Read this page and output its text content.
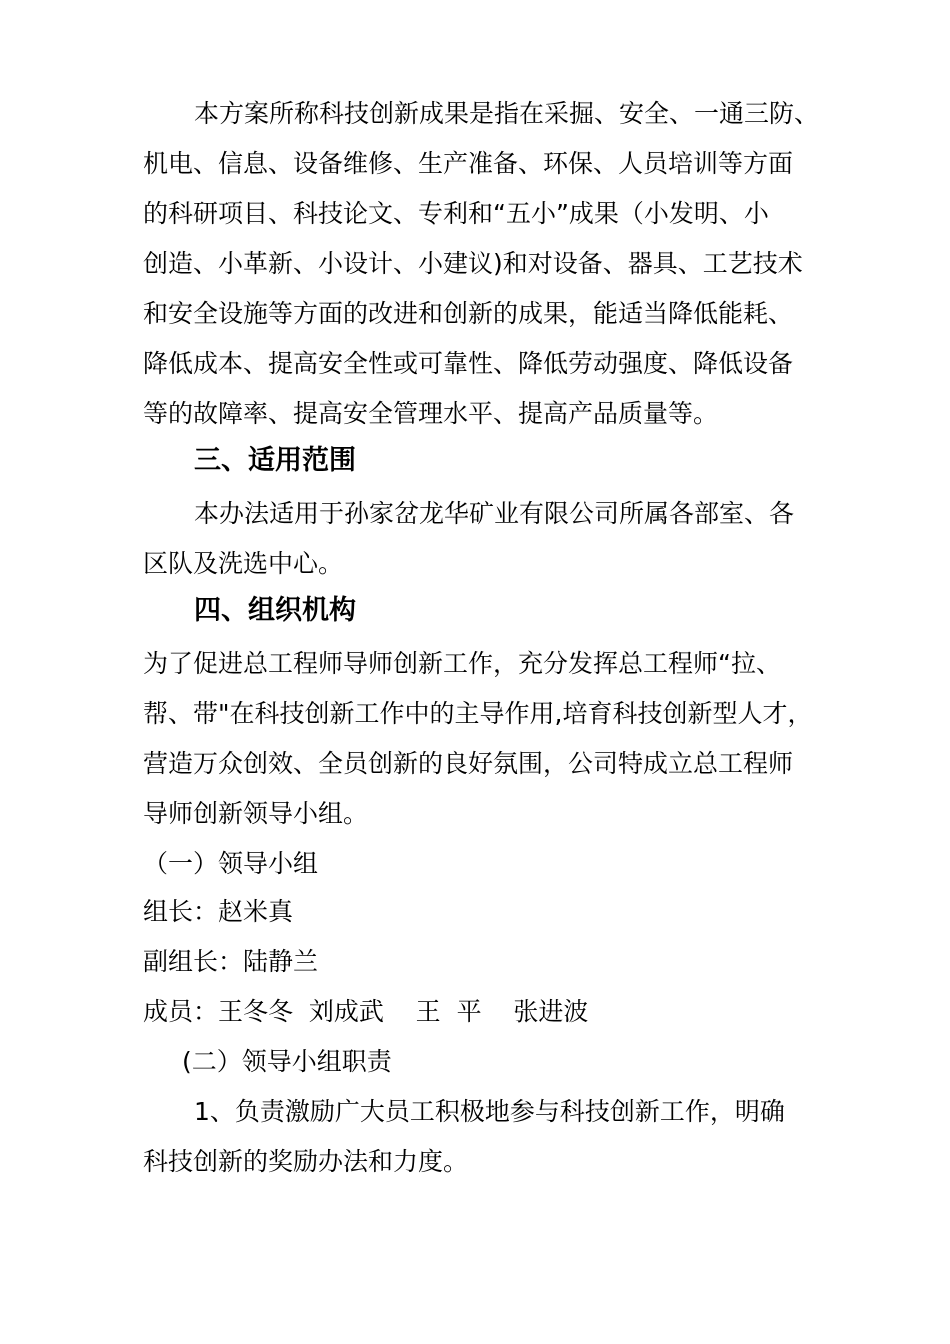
本方案所称科技创新成果是指在采掘、安全、一通三防、
机电、信息、设备维修、生产准备、环保、人员培训等方面
的科研项目、科技论文、专利和“五小”成果（小发明、小
创造、小革新、小设计、小建议)和对设备、器具、工艺技术
和安全设施等方面的改进和创新的成果，能适当降低能耗、
降低成本、提高安全性或可靠性、降低劳动强度、降低设备
等的故障率、提高安全管理水平、提高产品质量等。
三、适用范围
本办法适用于孙家岔龙华矿业有限公司所属各部室、各
区队及洗选中心。
四、组织机构
为了促进总工程师导师创新工作，充分发挥总工程师“拉、
帮、带"在科技创新工作中的主导作用,培育科技创新型人才，
营造万众创效、全员创新的良好氛围，公司特成立总工程师
导师创新领导小组。
（一）领导小组
组长：赵米真
副组长：陆静兰
成员：王冬冬  刘成武    王  平    张进波
(二）领导小组职责
1、负责激励广大员工积极地参与科技创新工作，明确
科技创新的奖励办法和力度。
